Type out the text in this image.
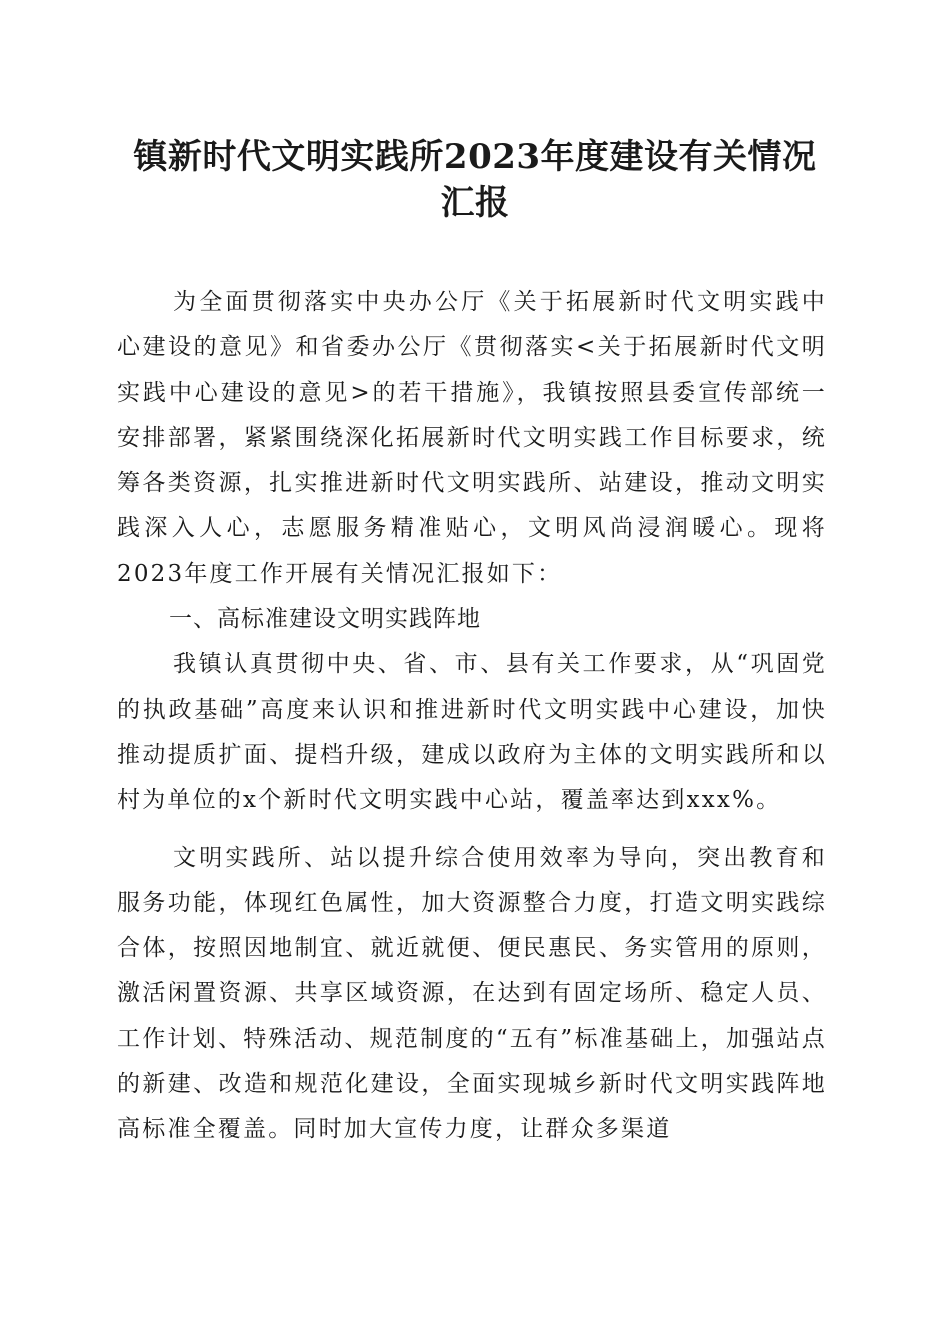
镇新时代文明实践所2023年度建设有关情况
汇报

为全面贯彻落实中央办公厅《关于拓展新时代文明实践中心建设的意见》和省委办公厅《贯彻落实<关于拓展新时代文明实践中心建设的意见>的若干措施》，我镇按照县委宣传部统一安排部署，紧紧围绕深化拓展新时代文明实践工作目标要求，统筹各类资源，扎实推进新时代文明实践所、站建设，推动文明实践深入人心，志愿服务精准贴心，文明风尚浸润暖心。现将2023年度工作开展有关情况汇报如下：

一、高标准建设文明实践阵地

我镇认真贯彻中央、省、市、县有关工作要求，从“巩固党的执政基础”高度来认识和推进新时代文明实践中心建设，加快推动提质扩面、提档升级，建成以政府为主体的文明实践所和以村为单位的x个新时代文明实践中心站，覆盖率达到xxx%。

文明实践所、站以提升综合使用效率为导向，突出教育和服务功能，体现红色属性，加大资源整合力度，打造文明实践综合体，按照因地制宜、就近就便、便民惠民、务实管用的原则，激活闲置资源、共享区域资源，在达到有固定场所、稳定人员、工作计划、特殊活动、规范制度的“五有”标准基础上，加强站点的新建、改造和规范化建设，全面实现城乡新时代文明实践阵地高标准全覆盖。同时加大宣传力度，让群众多渠道
